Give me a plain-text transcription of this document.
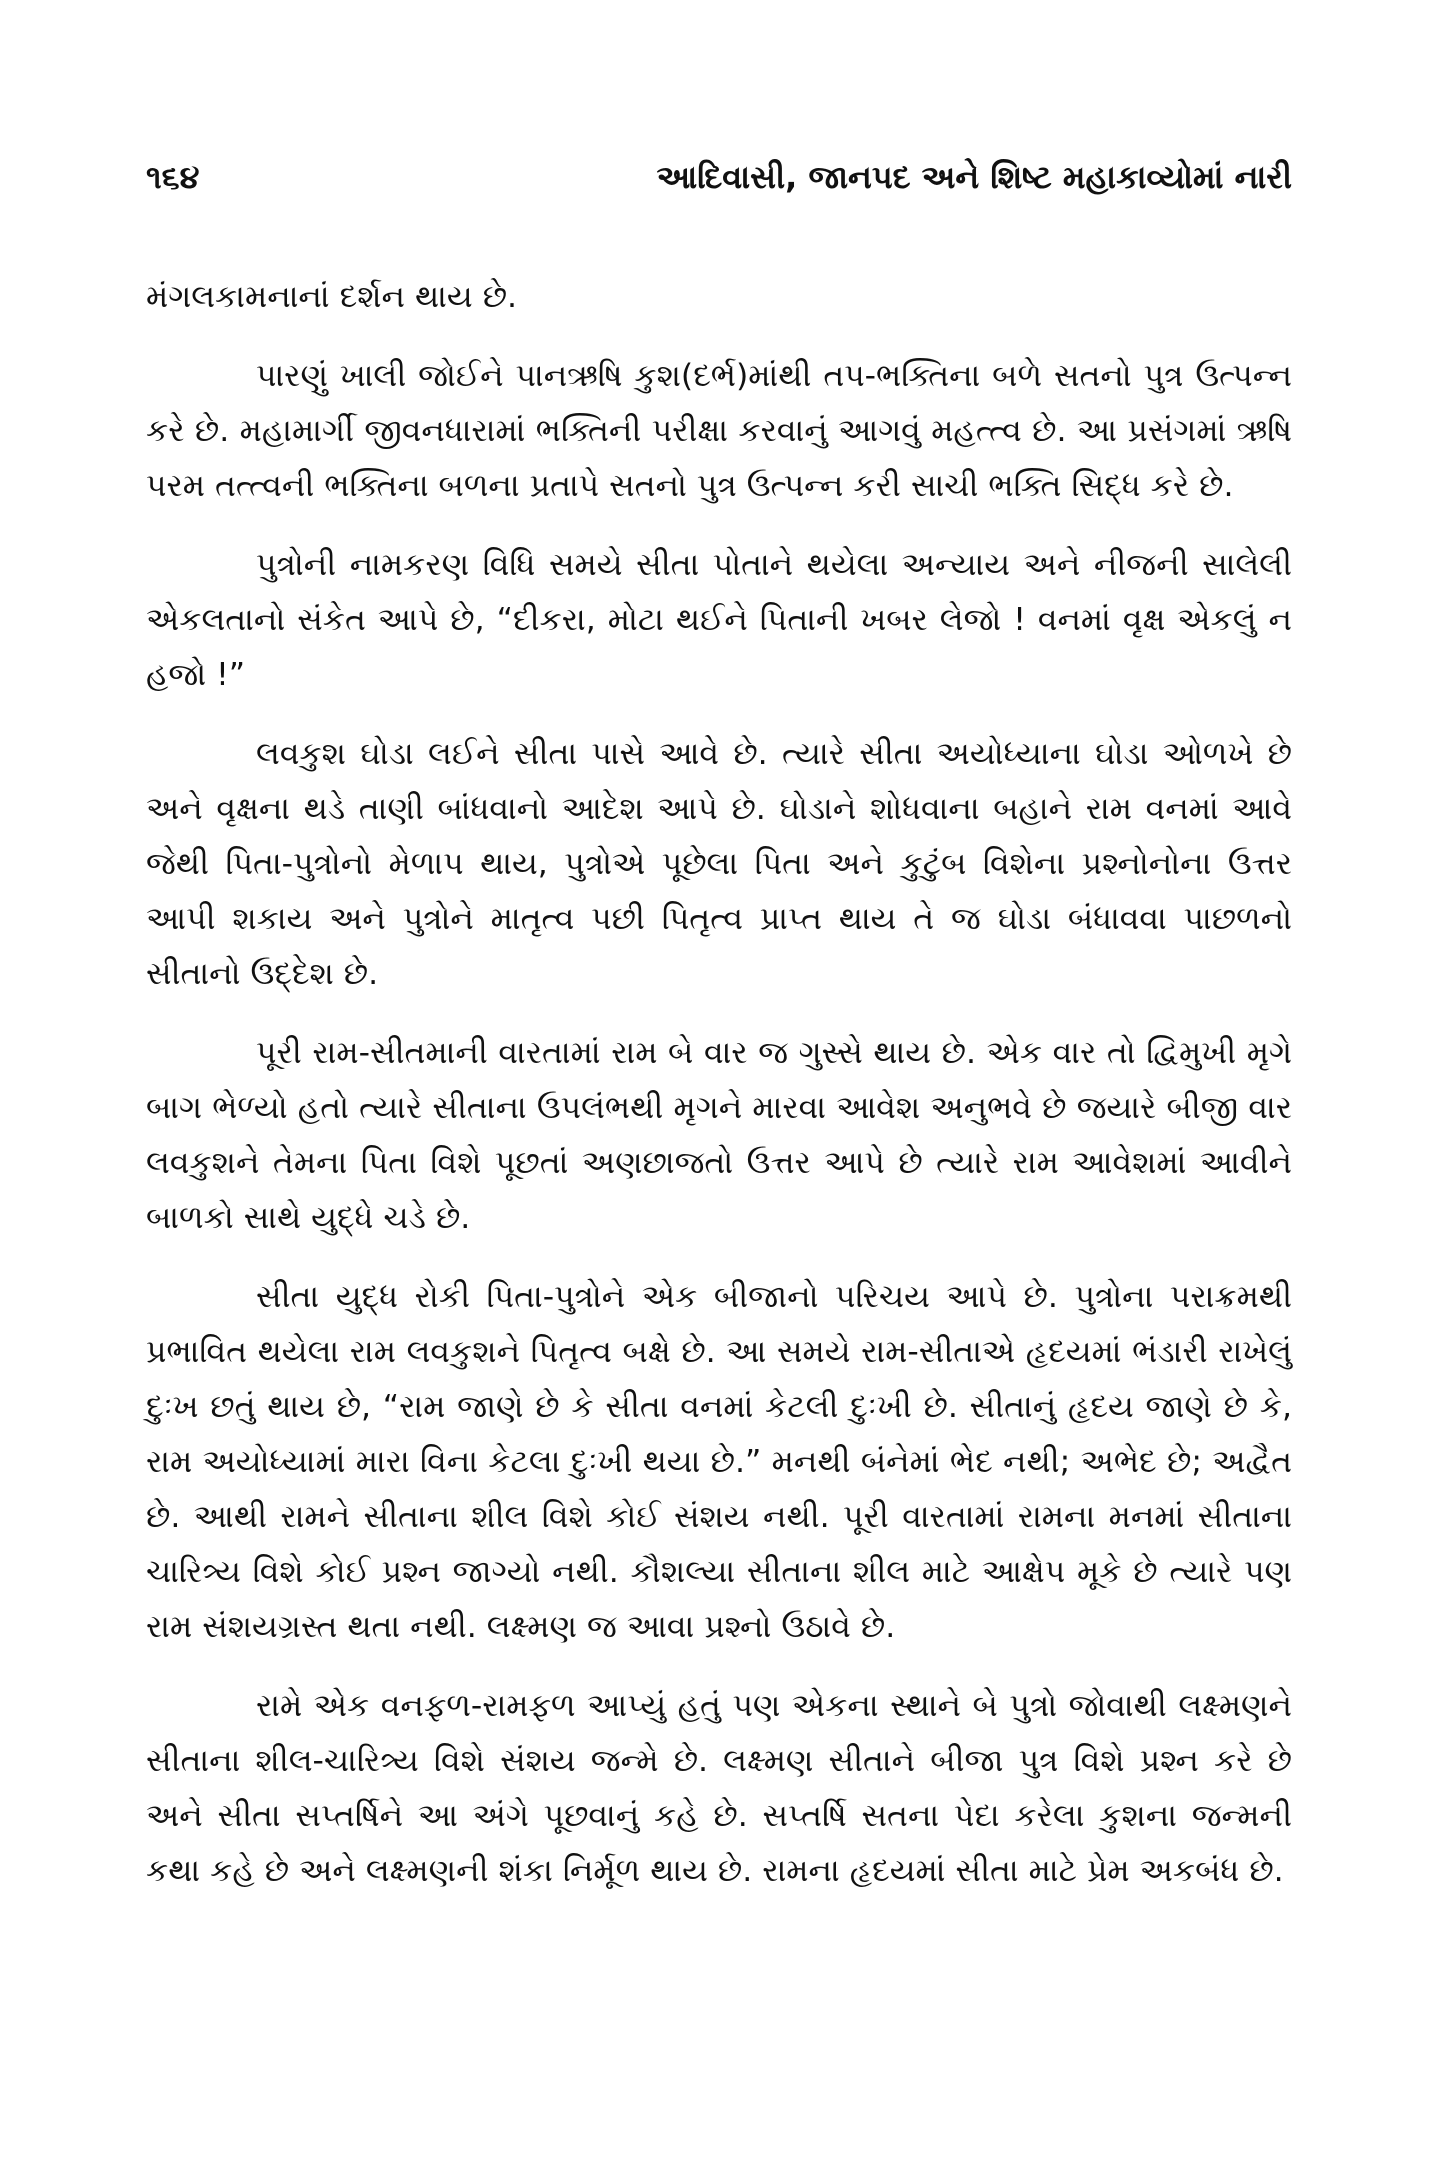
૧૬૪	આદિવાસી, જાનપદ અને શિષ્ટ મહાકાવ્યોમાં નારી

મંગલકામનાનાં દર્શન થાય છે.

પારણું ખાલી જોઈને પાનઋષિ કુશ(દર્ભ)માંથી તપ-ભક્તિના બળે સતનો પુત્ર ઉત્પન્ન કરે છે. મહામાર્ગી જીવનધારામાં ભક્તિની પરીક્ષા કરવાનું આગવું મહત્ત્વ છે. આ પ્રસંગમાં ઋષિ પરમ તત્ત્વની ભક્તિના બળના પ્રતાપે સતનો પુત્ર ઉત્પન્ન કરી સાચી ભક્તિ સિદ્ધ કરે છે.

પુત્રોની નામકરણ વિધિ સમયે સીતા પોતાને થયેલા અન્યાય અને નીજની સાલેલી એકલતાનો સંકેત આપે છે, “દીકરા, મોટા થઈને પિતાની ખબર લેજો ! વનમાં વૃક્ષ એકલું ન હજો !”

લવકુશ ઘોડા લઈને સીતા પાસે આવે છે. ત્યારે સીતા અયોધ્યાના ઘોડા ઓળખે છે અને વૃક્ષના થડે તાણી બાંધવાનો આદેશ આપે છે. ઘોડાને શોધવાના બહાને રામ વનમાં આવે જેથી પિતા-પુત્રોનો મેળાપ થાય, પુત્રોએ પૂછેલા પિતા અને કુટુંબ વિશેના પ્રશ્નોનોના ઉત્તર આપી શકાય અને પુત્રોને માતૃત્વ પછી પિતૃત્વ પ્રાપ્ત થાય તે જ ઘોડા બંધાવવા પાછળનો સીતાનો ઉદ્દેશ છે.

પૂરી રામ-સીતમાની વારતામાં રામ બે વાર જ ગુસ્સે થાય છે. એક વાર તો દ્વિમુખી મૃગે બાગ ભેળ્યો હતો ત્યારે સીતાના ઉપલંભથી મૃગને મારવા આવેશ અનુભવે છે જયારે બીજી વાર લવકુશને તેમના પિતા વિશે પૂછતાં અણછાજતો ઉત્તર આપે છે ત્યારે રામ આવેશમાં આવીને બાળકો સાથે યુદ્ધે ચડે છે.

સીતા યુદ્ધ રોકી પિતા-પુત્રોને એક બીજાનો પરિચય આપે છે. પુત્રોના પરાક્રમથી પ્રભાવિત થયેલા રામ લવકુશને પિતૃત્વ બક્ષે છે. આ સમયે રામ-સીતાએ હૃદયમાં ભંડારી રાખેલું દુઃખ છતું થાય છે, “રામ જાણે છે કે સીતા વનમાં કેટલી દુઃખી છે. સીતાનું હૃદય જાણે છે કે, રામ અયોધ્યામાં મારા વિના કેટલા દુઃખી થયા છે.” મનથી બંનેમાં ભેદ નથી; અભેદ છે; અદ્વૈત છે. આથી રામને સીતાના શીલ વિશે કોઈ સંશય નથી. પૂરી વારતામાં રામના મનમાં સીતાના ચારિત્ર્ય વિશે કોઈ પ્રશ્ન જાગ્યો નથી. કૌશલ્યા સીતાના શીલ માટે આક્ષેપ મૂકે છે ત્યારે પણ રામ સંશયગ્રસ્ત થતા નથી. લક્ષ્મણ જ આવા પ્રશ્નો ઉઠાવે છે.

રામે એક વનફળ-રામફળ આપ્યું હતું પણ એકના સ્થાને બે પુત્રો જોવાથી લક્ષ્મણને સીતાના શીલ-ચારિત્ર્ય વિશે સંશય જન્મે છે. લક્ષ્મણ સીતાને બીજા પુત્ર વિશે પ્રશ્ન કરે છે અને સીતા સપ્તર્ષિને આ અંગે પૂછવાનું કહે છે. સપ્તર્ષિ સતના પેદા કરેલા કુશના જન્મની કથા કહે છે અને લક્ષ્મણની શંકા નિર્મૂળ થાય છે. રામના હૃદયમાં સીતા માટે પ્રેમ અકબંધ છે.
